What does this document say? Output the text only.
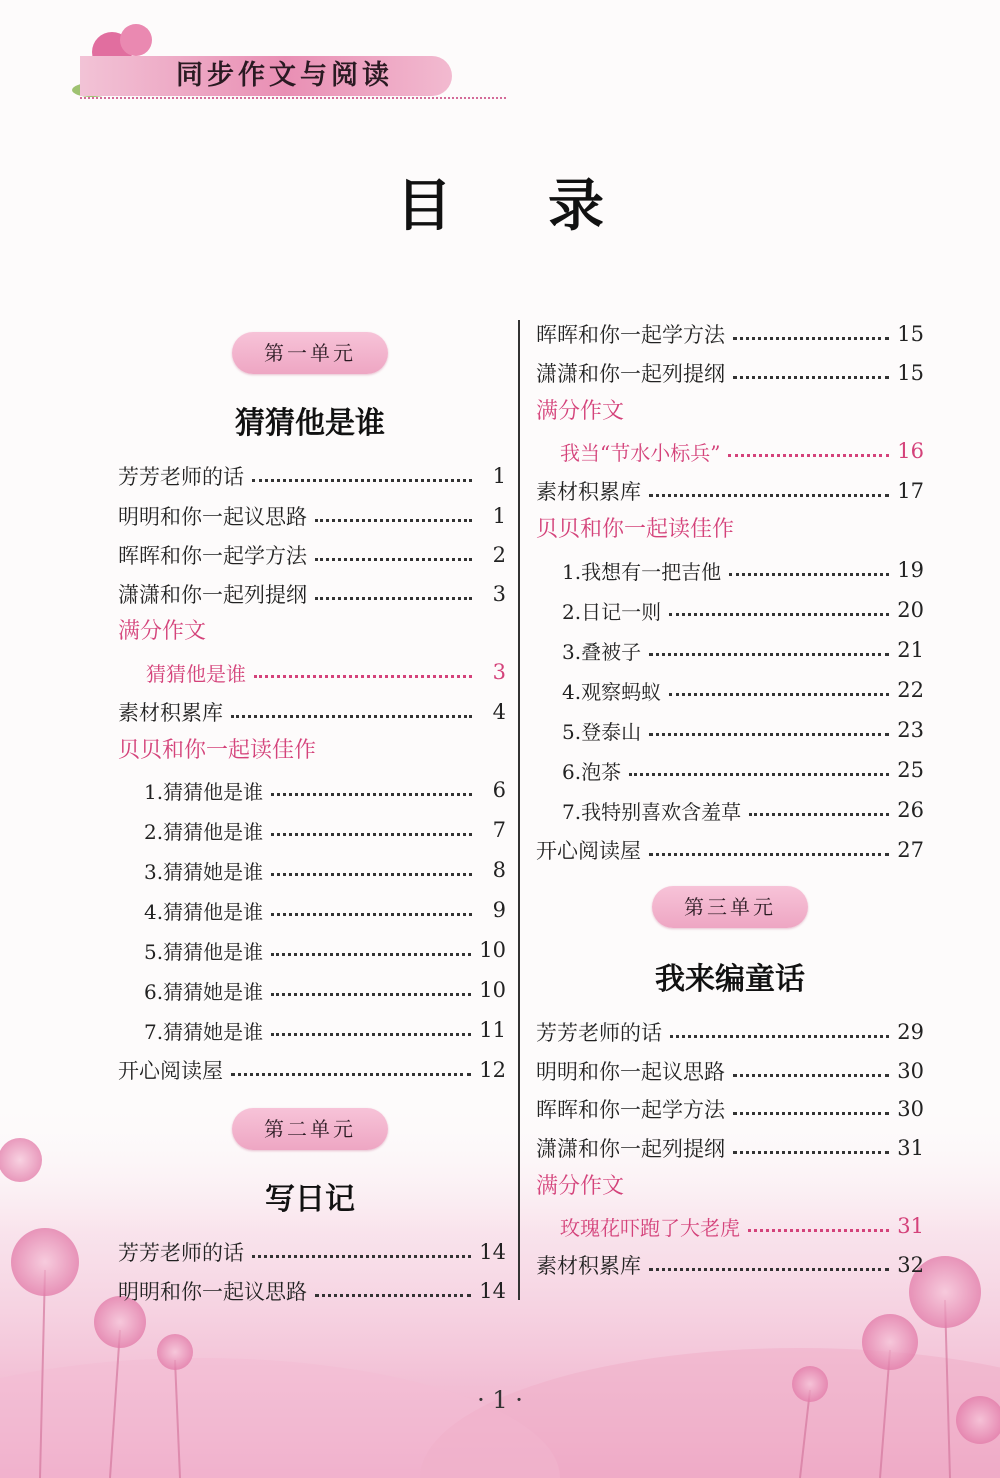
同步作文与阅读
目录
第一单元
猜猜他是谁
芳芳老师的话	1
明明和你一起议思路	1
晖晖和你一起学方法	2
潇潇和你一起列提纲	3
满分作文
猜猜他是谁	3
素材积累库	4
贝贝和你一起读佳作
1.猜猜他是谁	6
2.猜猜他是谁	7
3.猜猜她是谁	8
4.猜猜他是谁	9
5.猜猜他是谁	10
6.猜猜她是谁	10
7.猜猜她是谁	11
开心阅读屋	12
第二单元
写日记
芳芳老师的话	14
明明和你一起议思路	14
晖晖和你一起学方法	15
潇潇和你一起列提纲	15
满分作文
我当“节水小标兵”	16
素材积累库	17
贝贝和你一起读佳作
1.我想有一把吉他	19
2.日记一则	20
3.叠被子	21
4.观察蚂蚁	22
5.登泰山	23
6.泡茶	25
7.我特别喜欢含羞草	26
开心阅读屋	27
第三单元
我来编童话
芳芳老师的话	29
明明和你一起议思路	30
晖晖和你一起学方法	30
潇潇和你一起列提纲	31
满分作文
玫瑰花吓跑了大老虎	31
素材积累库	32
· 1 ·
